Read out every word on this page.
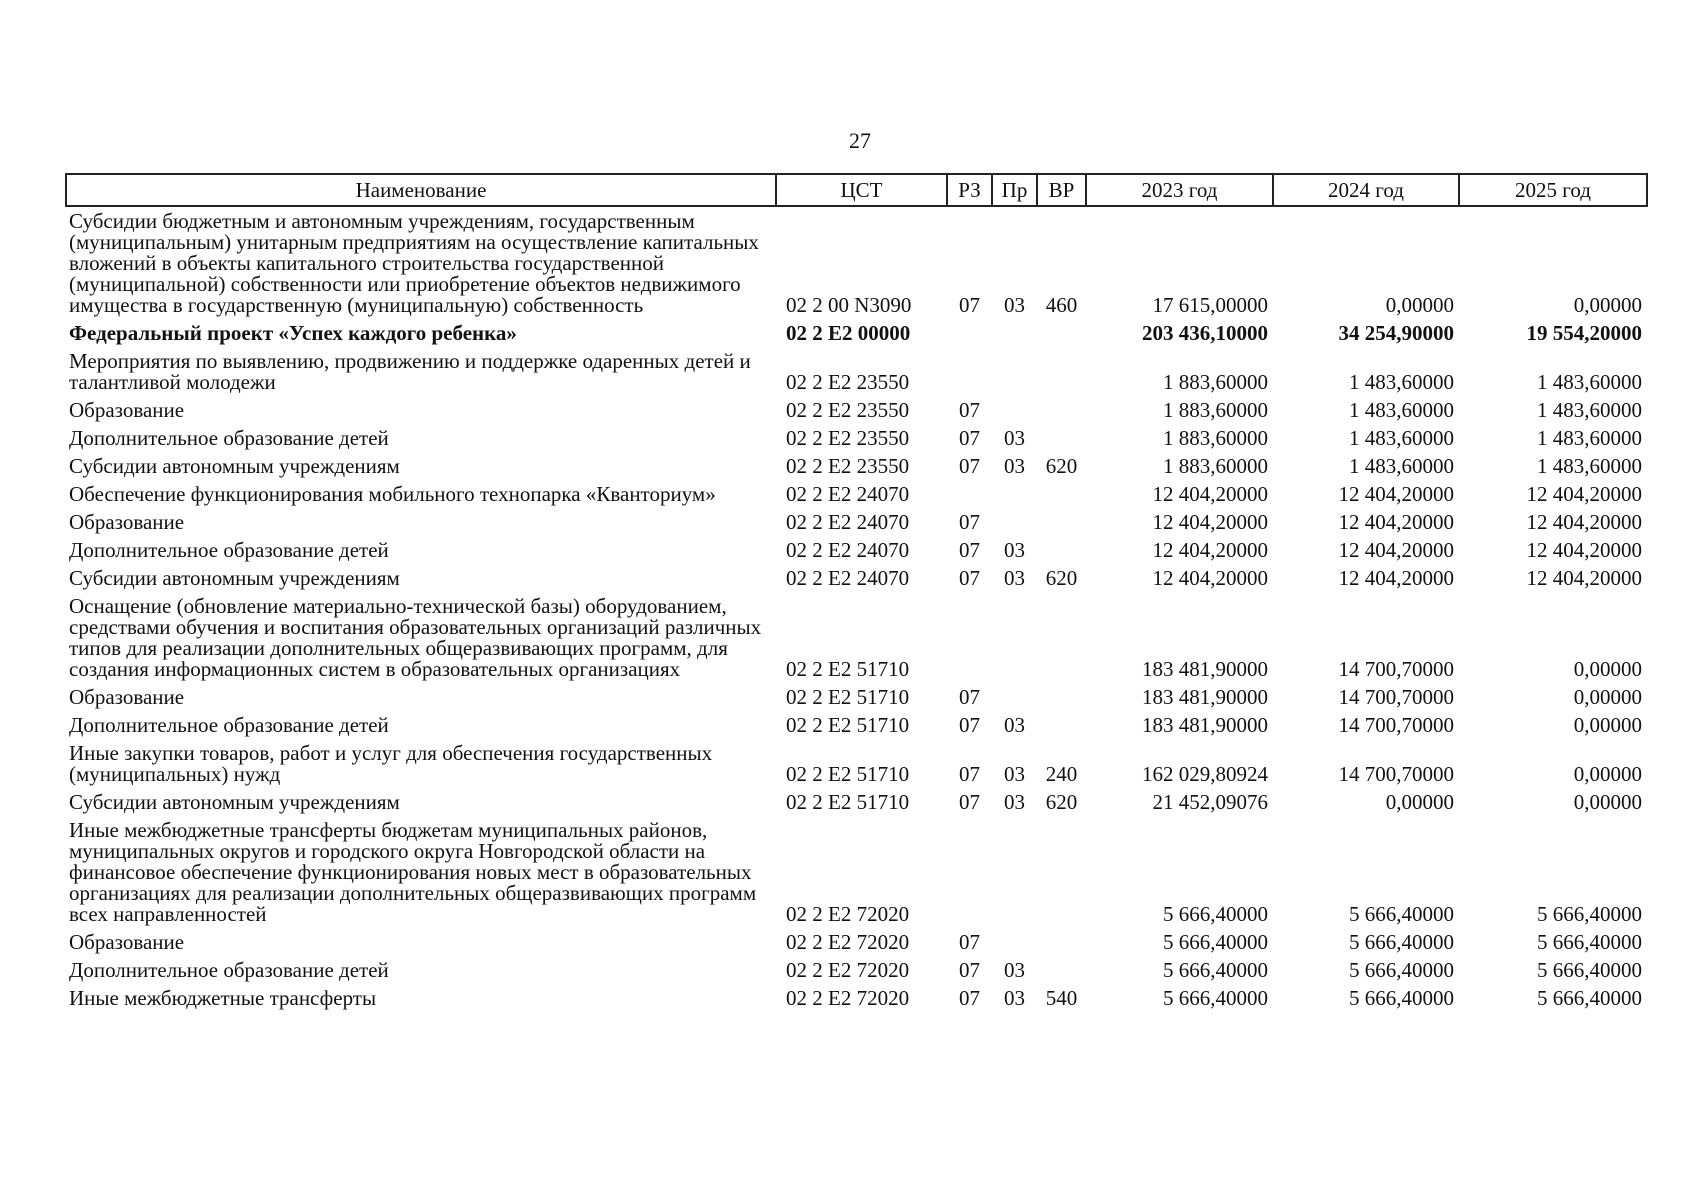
27
Наименование	ЦСТ	РЗ	Пр	ВР	2023 год	2024 год	2025 год
Субсидии бюджетным и автономным учреждениям, государственным (муниципальным) унитарным предприятиям на осуществление капитальных вложений в объекты капитального строительства государственной (муниципальной) собственности или приобретение объектов недвижимого имущества в государственную (муниципальную) собственность	02 2 00 N3090	07	03	460	17 615,00000	0,00000	0,00000
Федеральный проект «Успех каждого ребенка»	02 2 E2 00000				203 436,10000	34 254,90000	19 554,20000
Мероприятия по выявлению, продвижению и поддержке одаренных детей и талантливой молодежи	02 2 E2 23550				1 883,60000	1 483,60000	1 483,60000
Образование	02 2 E2 23550	07			1 883,60000	1 483,60000	1 483,60000
Дополнительное образование детей	02 2 E2 23550	07	03		1 883,60000	1 483,60000	1 483,60000
Субсидии автономным учреждениям	02 2 E2 23550	07	03	620	1 883,60000	1 483,60000	1 483,60000
Обеспечение функционирования мобильного технопарка «Кванториум»	02 2 E2 24070				12 404,20000	12 404,20000	12 404,20000
Образование	02 2 E2 24070	07			12 404,20000	12 404,20000	12 404,20000
Дополнительное образование детей	02 2 E2 24070	07	03		12 404,20000	12 404,20000	12 404,20000
Субсидии автономным учреждениям	02 2 E2 24070	07	03	620	12 404,20000	12 404,20000	12 404,20000
Оснащение (обновление материально-технической базы) оборудованием, средствами обучения и воспитания образовательных организаций различных типов для реализации дополнительных общеразвивающих программ, для создания информационных систем в образовательных организациях	02 2 E2 51710				183 481,90000	14 700,70000	0,00000
Образование	02 2 E2 51710	07			183 481,90000	14 700,70000	0,00000
Дополнительное образование детей	02 2 E2 51710	07	03		183 481,90000	14 700,70000	0,00000
Иные закупки товаров, работ и услуг для обеспечения государственных (муниципальных) нужд	02 2 E2 51710	07	03	240	162 029,80924	14 700,70000	0,00000
Субсидии автономным учреждениям	02 2 E2 51710	07	03	620	21 452,09076	0,00000	0,00000
Иные межбюджетные трансферты бюджетам муниципальных районов, муниципальных округов и городского округа Новгородской области на финансовое обеспечение функционирования новых мест в образовательных организациях для реализации дополнительных общеразвивающих программ всех направленностей	02 2 E2 72020				5 666,40000	5 666,40000	5 666,40000
Образование	02 2 E2 72020	07			5 666,40000	5 666,40000	5 666,40000
Дополнительное образование детей	02 2 E2 72020	07	03		5 666,40000	5 666,40000	5 666,40000
Иные межбюджетные трансферты	02 2 E2 72020	07	03	540	5 666,40000	5 666,40000	5 666,40000
